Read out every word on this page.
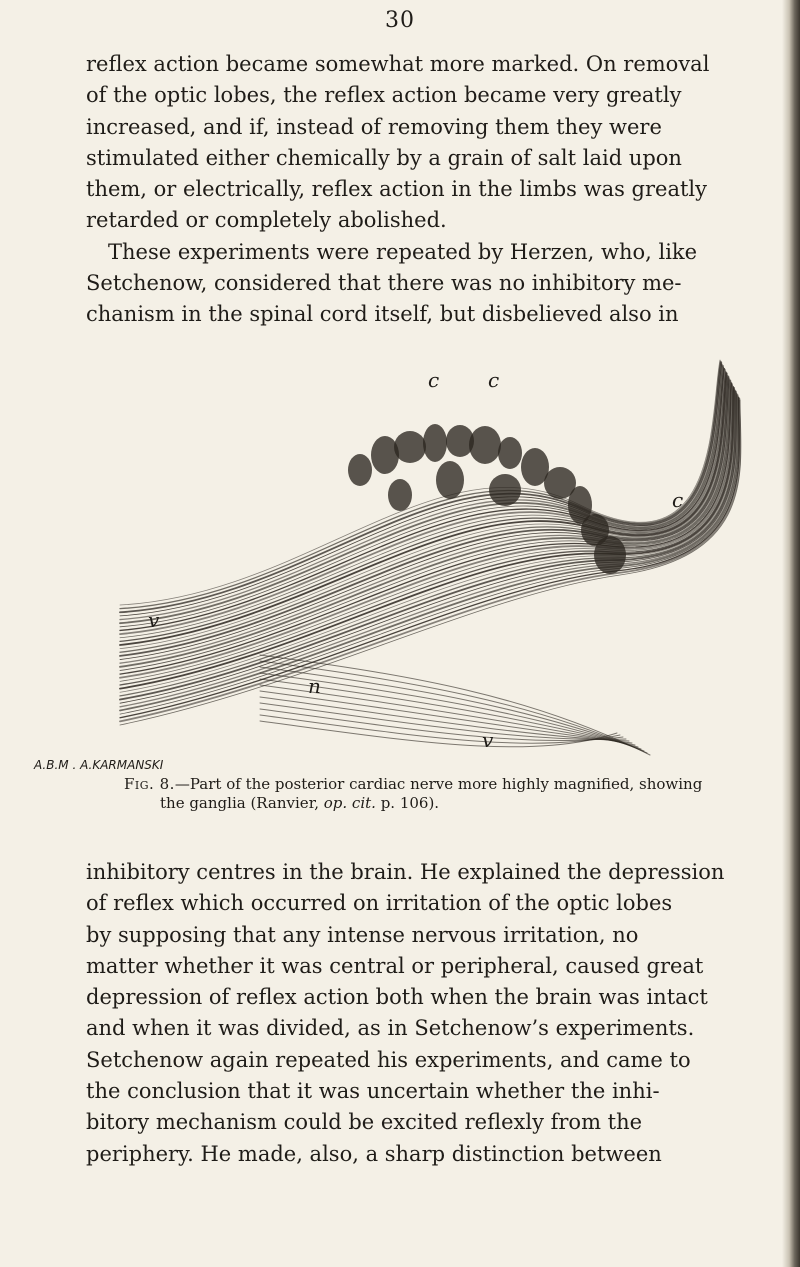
30
reflex action became somewhat more marked. On removal
of the optic lobes, the reflex action became very greatly
increased, and if, instead of removing them they were
stimulated either chemically by a grain of salt laid upon
them, or electrically, reflex action in the limbs was greatly
retarded or completely abolished.
These experiments were repeated by Herzen, who, like
Setchenow, considered that there was no inhibitory me-
chanism in the spinal cord itself, but disbelieved also in
c c
c
v
n
v
A.B.M . A.KARMANSKI
Fig. 8.—Part of the posterior cardiac nerve more highly magnified, showing
the ganglia (Ranvier, op. cit. p. 106).
inhibitory centres in the brain. He explained the depression
of reflex which occurred on irritation of the optic lobes
by supposing that any intense nervous irritation, no
matter whether it was central or peripheral, caused great
depression of reflex action both when the brain was intact
and when it was divided, as in Setchenow’s experiments.
Setchenow again repeated his experiments, and came to
the conclusion that it was uncertain whether the inhi-
bitory mechanism could be excited reflexly from the
periphery. He made, also, a sharp distinction between
